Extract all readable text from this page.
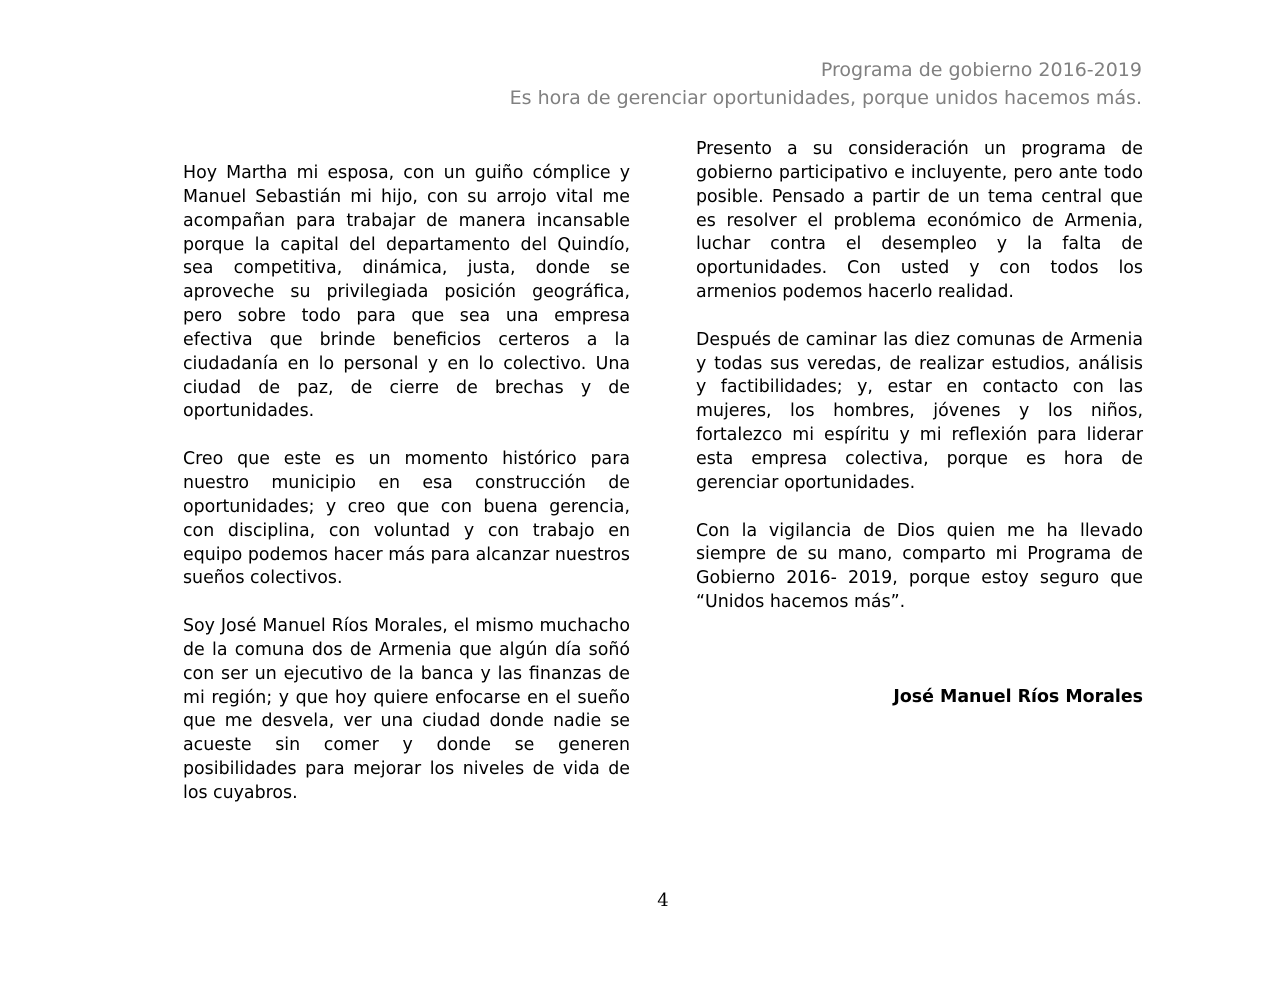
Programa de gobierno 2016-2019
Es hora de gerenciar oportunidades, porque unidos hacemos más.

Hoy Martha mi esposa, con un guiño cómplice y Manuel Sebastián mi hijo, con su arrojo vital me acompañan para trabajar de manera incansable porque la capital del departamento del Quindío, sea competitiva, dinámica, justa, donde se aproveche su privilegiada posición geográfica, pero sobre todo para que sea una empresa efectiva que brinde beneficios certeros a la ciudadanía en lo personal y en lo colectivo. Una ciudad de paz, de cierre de brechas y de oportunidades.

Creo que este es un momento histórico para nuestro municipio en esa construcción de oportunidades; y creo que con buena gerencia, con disciplina, con voluntad y con trabajo en equipo podemos hacer más para alcanzar nuestros sueños colectivos.

Soy José Manuel Ríos Morales, el mismo muchacho de la comuna dos de Armenia que algún día soñó con ser un ejecutivo de la banca y las finanzas de mi región; y que hoy quiere enfocarse en el sueño que me desvela, ver una ciudad donde nadie se acueste sin comer y donde se generen posibilidades para mejorar los niveles de vida de los cuyabros.

Presento a su consideración un programa de gobierno participativo e incluyente, pero ante todo posible. Pensado a partir de un tema central que es resolver el problema económico de Armenia, luchar contra el desempleo y la falta de oportunidades. Con usted y con todos los armenios podemos hacerlo realidad.

Después de caminar las diez comunas de Armenia y todas sus veredas, de realizar estudios, análisis y factibilidades; y, estar en contacto con las mujeres, los hombres, jóvenes y los niños, fortalezco mi espíritu y mi reflexión para liderar esta empresa colectiva, porque es hora de gerenciar oportunidades.

Con la vigilancia de Dios quien me ha llevado siempre de su mano, comparto mi Programa de Gobierno 2016- 2019, porque estoy seguro que “Unidos hacemos más”.

José Manuel Ríos Morales
4
